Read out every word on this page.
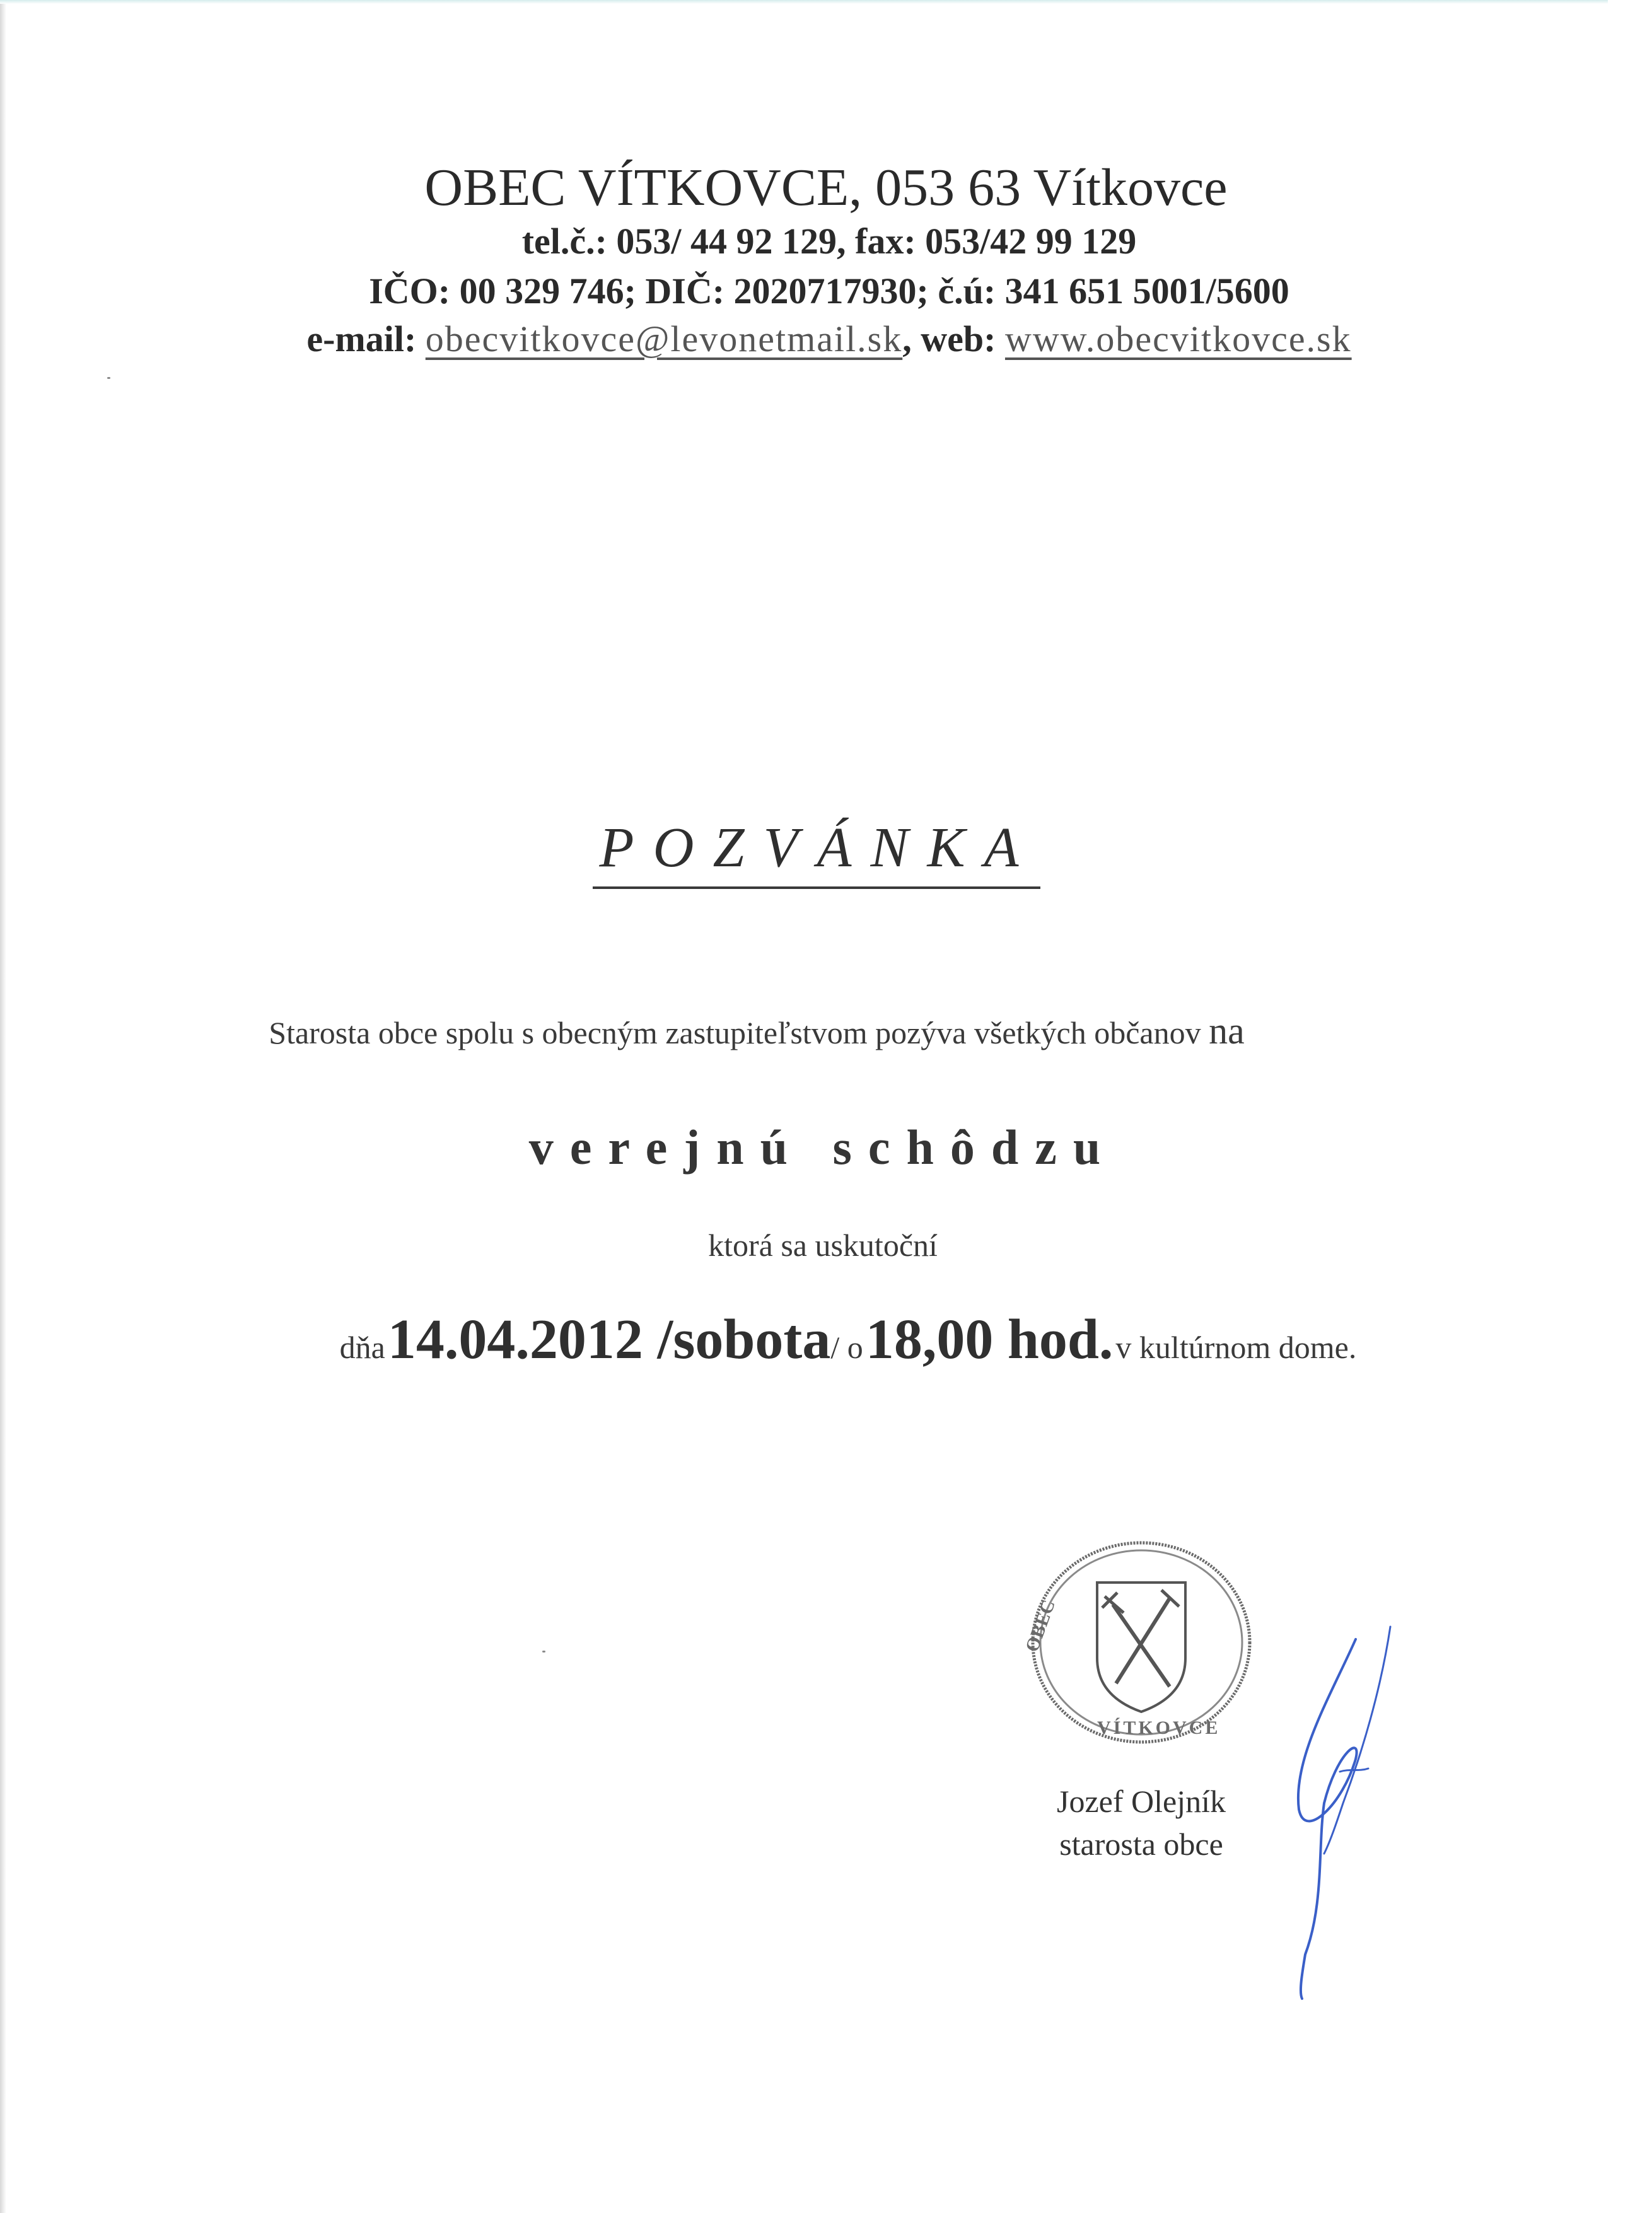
OBEC VÍTKOVCE, 053 63 Vítkovce
tel.č.: 053/ 44 92 129, fax: 053/42 99 129
IČO: 00 329 746; DIČ: 2020717930; č.ú: 341 651 5001/5600
e-mail: obecvitkovce@levonetmail.sk, web: www.obecvitkovce.sk
POZVÁNKA
Starosta obce spolu s obecným zastupiteľstvom pozýva všetkých občanov na
verejnú schôdzu
ktorá sa uskutoční
dňa 14.04.2012 /sobota/ o 18,00 hod. v kultúrnom dome.
OBEC
VÍTKOVCE
Jozef Olejník
starosta obce
